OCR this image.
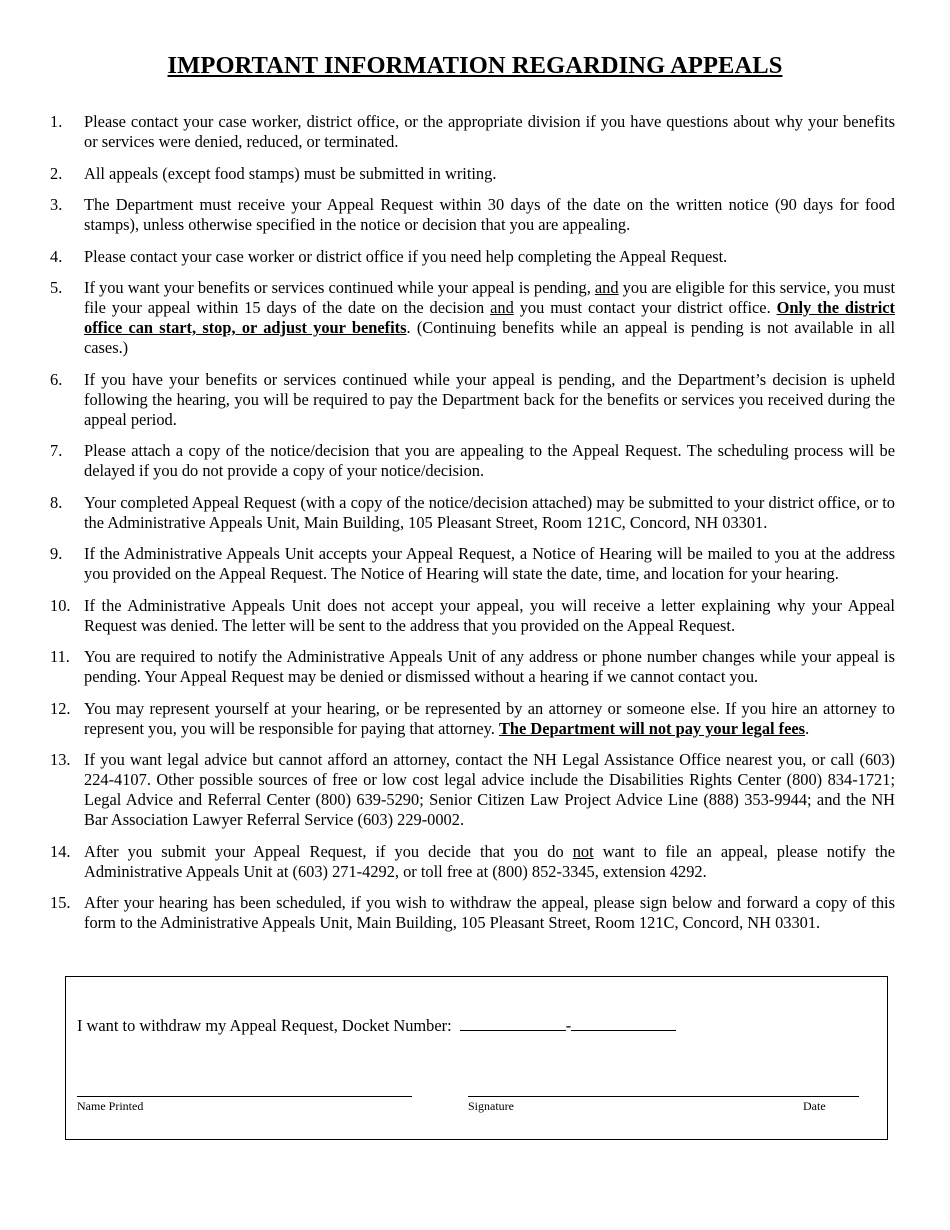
IMPORTANT INFORMATION REGARDING APPEALS
1.	Please contact your case worker, district office, or the appropriate division if you have questions about why your benefits or services were denied, reduced, or terminated.
2.	All appeals (except food stamps) must be submitted in writing.
3.	The Department must receive your Appeal Request within 30 days of the date on the written notice (90 days for food stamps), unless otherwise specified in the notice or decision that you are appealing.
4.	Please contact your case worker or district office if you need help completing the Appeal Request.
5.	If you want your benefits or services continued while your appeal is pending, and you are eligible for this service, you must file your appeal within 15 days of the date on the decision and you must contact your district office. Only the district office can start, stop, or adjust your benefits. (Continuing benefits while an appeal is pending is not available in all cases.)
6.	If you have your benefits or services continued while your appeal is pending, and the Department’s decision is upheld following the hearing, you will be required to pay the Department back for the benefits or services you received during the appeal period.
7.	Please attach a copy of the notice/decision that you are appealing to the Appeal Request. The scheduling process will be delayed if you do not provide a copy of your notice/decision.
8.	Your completed Appeal Request (with a copy of the notice/decision attached) may be submitted to your district office, or to the Administrative Appeals Unit, Main Building, 105 Pleasant Street, Room 121C, Concord, NH 03301.
9.	If the Administrative Appeals Unit accepts your Appeal Request, a Notice of Hearing will be mailed to you at the address you provided on the Appeal Request. The Notice of Hearing will state the date, time, and location for your hearing.
10. If the Administrative Appeals Unit does not accept your appeal, you will receive a letter explaining why your Appeal Request was denied. The letter will be sent to the address that you provided on the Appeal Request.
11. You are required to notify the Administrative Appeals Unit of any address or phone number changes while your appeal is pending. Your Appeal Request may be denied or dismissed without a hearing if we cannot contact you.
12. You may represent yourself at your hearing, or be represented by an attorney or someone else. If you hire an attorney to represent you, you will be responsible for paying that attorney. The Department will not pay your legal fees.
13. If you want legal advice but cannot afford an attorney, contact the NH Legal Assistance Office nearest you, or call (603) 224-4107. Other possible sources of free or low cost legal advice include the Disabilities Rights Center (800) 834-1721; Legal Advice and Referral Center (800) 639-5290; Senior Citizen Law Project Advice Line (888) 353-9944; and the NH Bar Association Lawyer Referral Service (603) 229-0002.
14. After you submit your Appeal Request, if you decide that you do not want to file an appeal, please notify the Administrative Appeals Unit at (603) 271-4292, or toll free at (800) 852-3345, extension 4292.
15. After your hearing has been scheduled, if you wish to withdraw the appeal, please sign below and forward a copy of this form to the Administrative Appeals Unit, Main Building, 105 Pleasant Street, Room 121C, Concord, NH 03301.
I want to withdraw my Appeal Request, Docket Number:	-
Name Printed	Signature	Date
